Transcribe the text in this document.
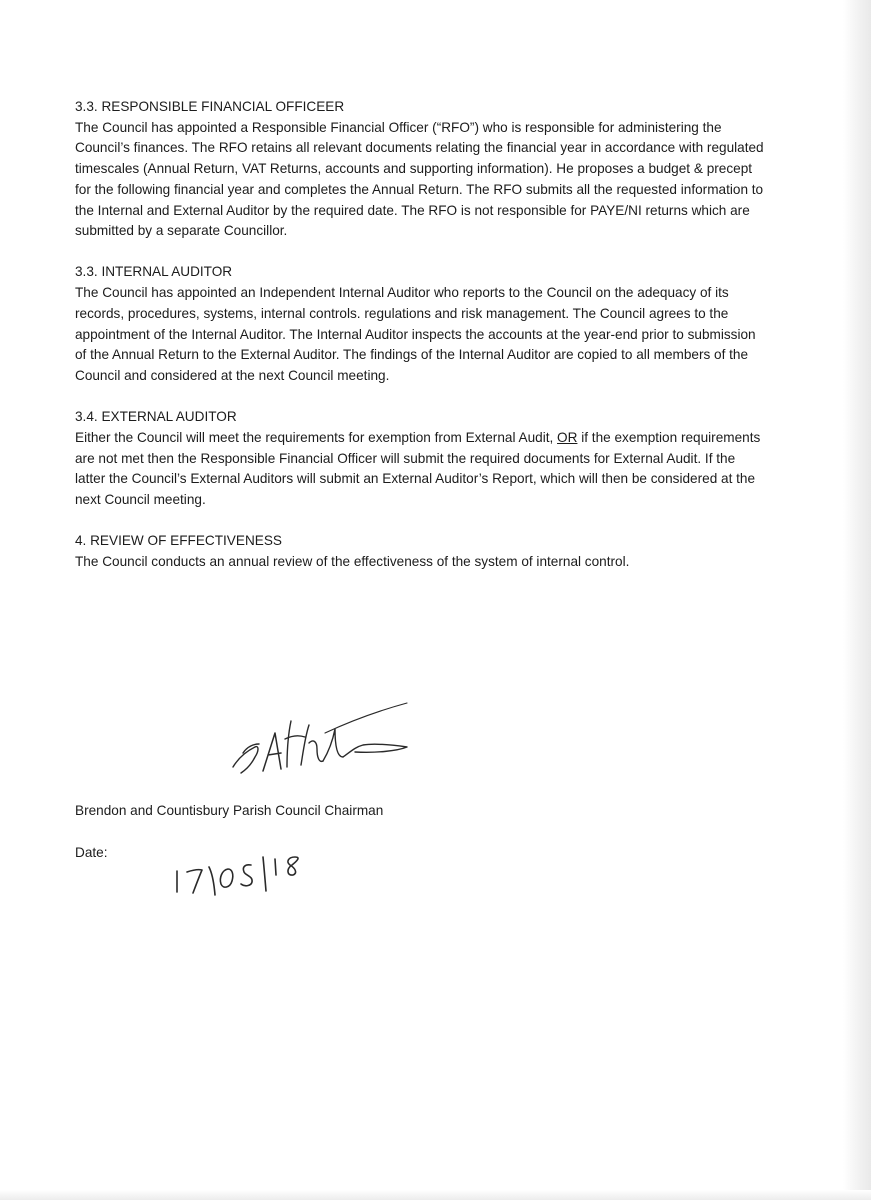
3.3. RESPONSIBLE FINANCIAL OFFICEER

The Council has appointed a Responsible Financial Officer (“RFO”) who is responsible for administering the Council’s finances. The RFO retains all relevant documents relating the financial year in accordance with regulated timescales (Annual Return, VAT Returns, accounts and supporting information). He proposes a budget & precept for the following financial year and completes the Annual Return. The RFO submits all the requested information to the Internal and External Auditor by the required date. The RFO is not responsible for PAYE/NI returns which are submitted by a separate Councillor.

3.3. INTERNAL AUDITOR

The Council has appointed an Independent Internal Auditor who reports to the Council on the adequacy of its records, procedures, systems, internal controls. regulations and risk management. The Council agrees to the appointment of the Internal Auditor. The Internal Auditor inspects the accounts at the year-end prior to submission of the Annual Return to the External Auditor. The findings of the Internal Auditor are copied to all members of the Council and considered at the next Council meeting.

3.4. EXTERNAL AUDITOR

Either the Council will meet the requirements for exemption from External Audit, OR if the exemption requirements are not met then the Responsible Financial Officer will submit the required documents for External Audit. If the latter the Council’s External Auditors will submit an External Auditor’s Report, which will then be considered at the next Council meeting.

4. REVIEW OF EFFECTIVENESS

The Council conducts an annual review of the effectiveness of the system of internal control.

Brendon and Countisbury Parish Council Chairman
Date:
